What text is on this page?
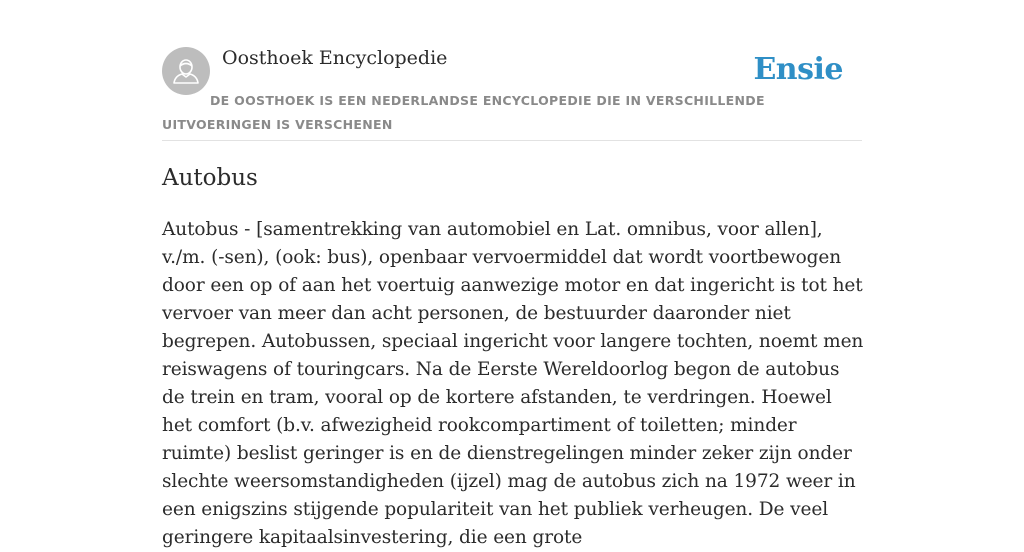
Oosthoek Encyclopedie	Ensie
DE OOSTHOEK IS EEN NEDERLANDSE ENCYCLOPEDIE DIE IN VERSCHILLENDE UITVOERINGEN IS VERSCHENEN
Autobus

Autobus - [samentrekking van automobiel en Lat. omnibus, voor allen], v./m. (-sen), (ook: bus), openbaar vervoermiddel dat wordt voortbewogen door een op of aan het voertuig aanwezige motor en dat ingericht is tot het vervoer van meer dan acht personen, de bestuurder daaronder niet begrepen. Autobussen, speciaal ingericht voor langere tochten, noemt men reiswagens of touringcars. Na de Eerste Wereldoorlog begon de autobus de trein en tram, vooral op de kortere afstanden, te verdringen. Hoewel het comfort (b.v. afwezigheid rookcompartiment of toiletten; minder ruimte) beslist geringer is en de dienstregelingen minder zeker zijn onder slechte weersomstandigheden (ijzel) mag de autobus zich na 1972 weer in een enigszins stijgende populariteit van het publiek verheugen. De veel geringere kapitaalsinvestering, die een grote
